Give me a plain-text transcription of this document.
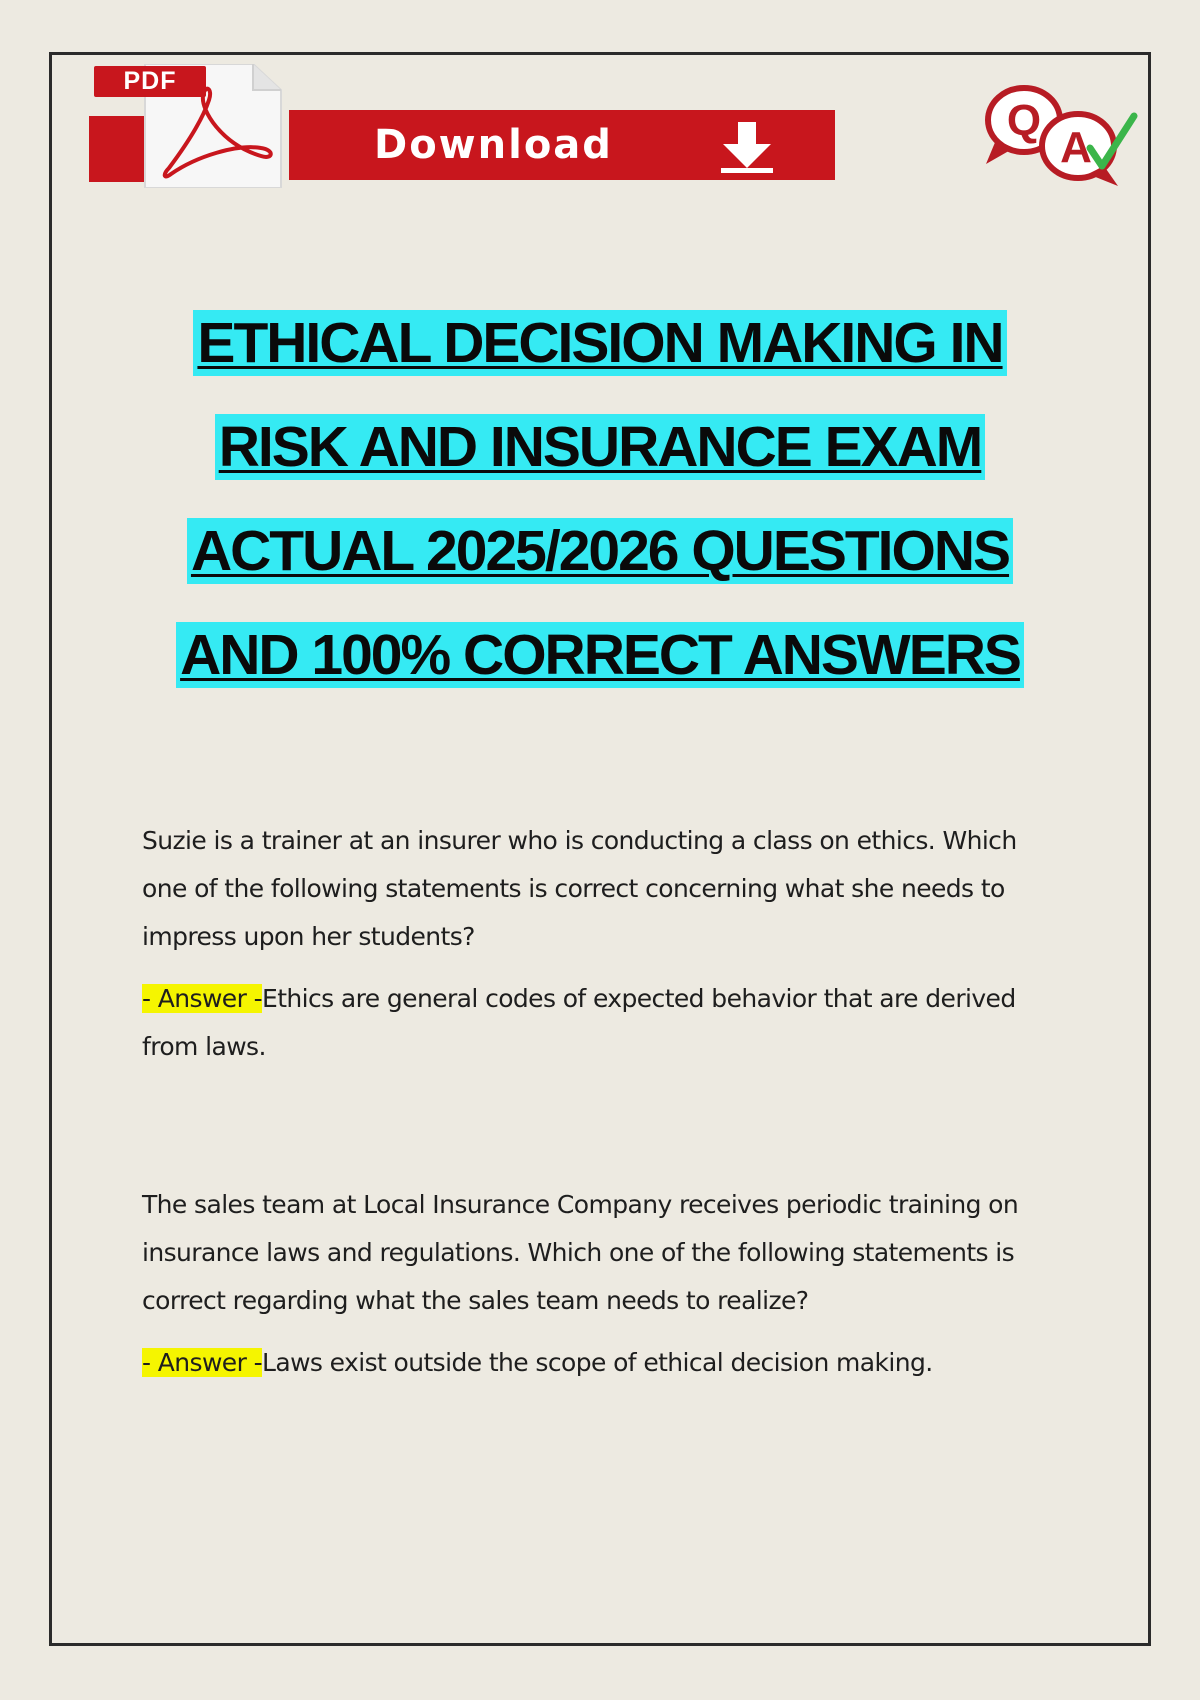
PDF
Download	Q
A
ETHICAL DECISION MAKING IN
RISK AND INSURANCE EXAM
ACTUAL 2025/2026 QUESTIONS
AND 100% CORRECT ANSWERS

Suzie is a trainer at an insurer who is conducting a class on ethics. Which one of the following statements is correct concerning what she needs to impress upon her students?

- Answer -Ethics are general codes of expected behavior that are derived from laws.

The sales team at Local Insurance Company receives periodic training on insurance laws and regulations. Which one of the following statements is correct regarding what the sales team needs to realize?

- Answer -Laws exist outside the scope of ethical decision making.
